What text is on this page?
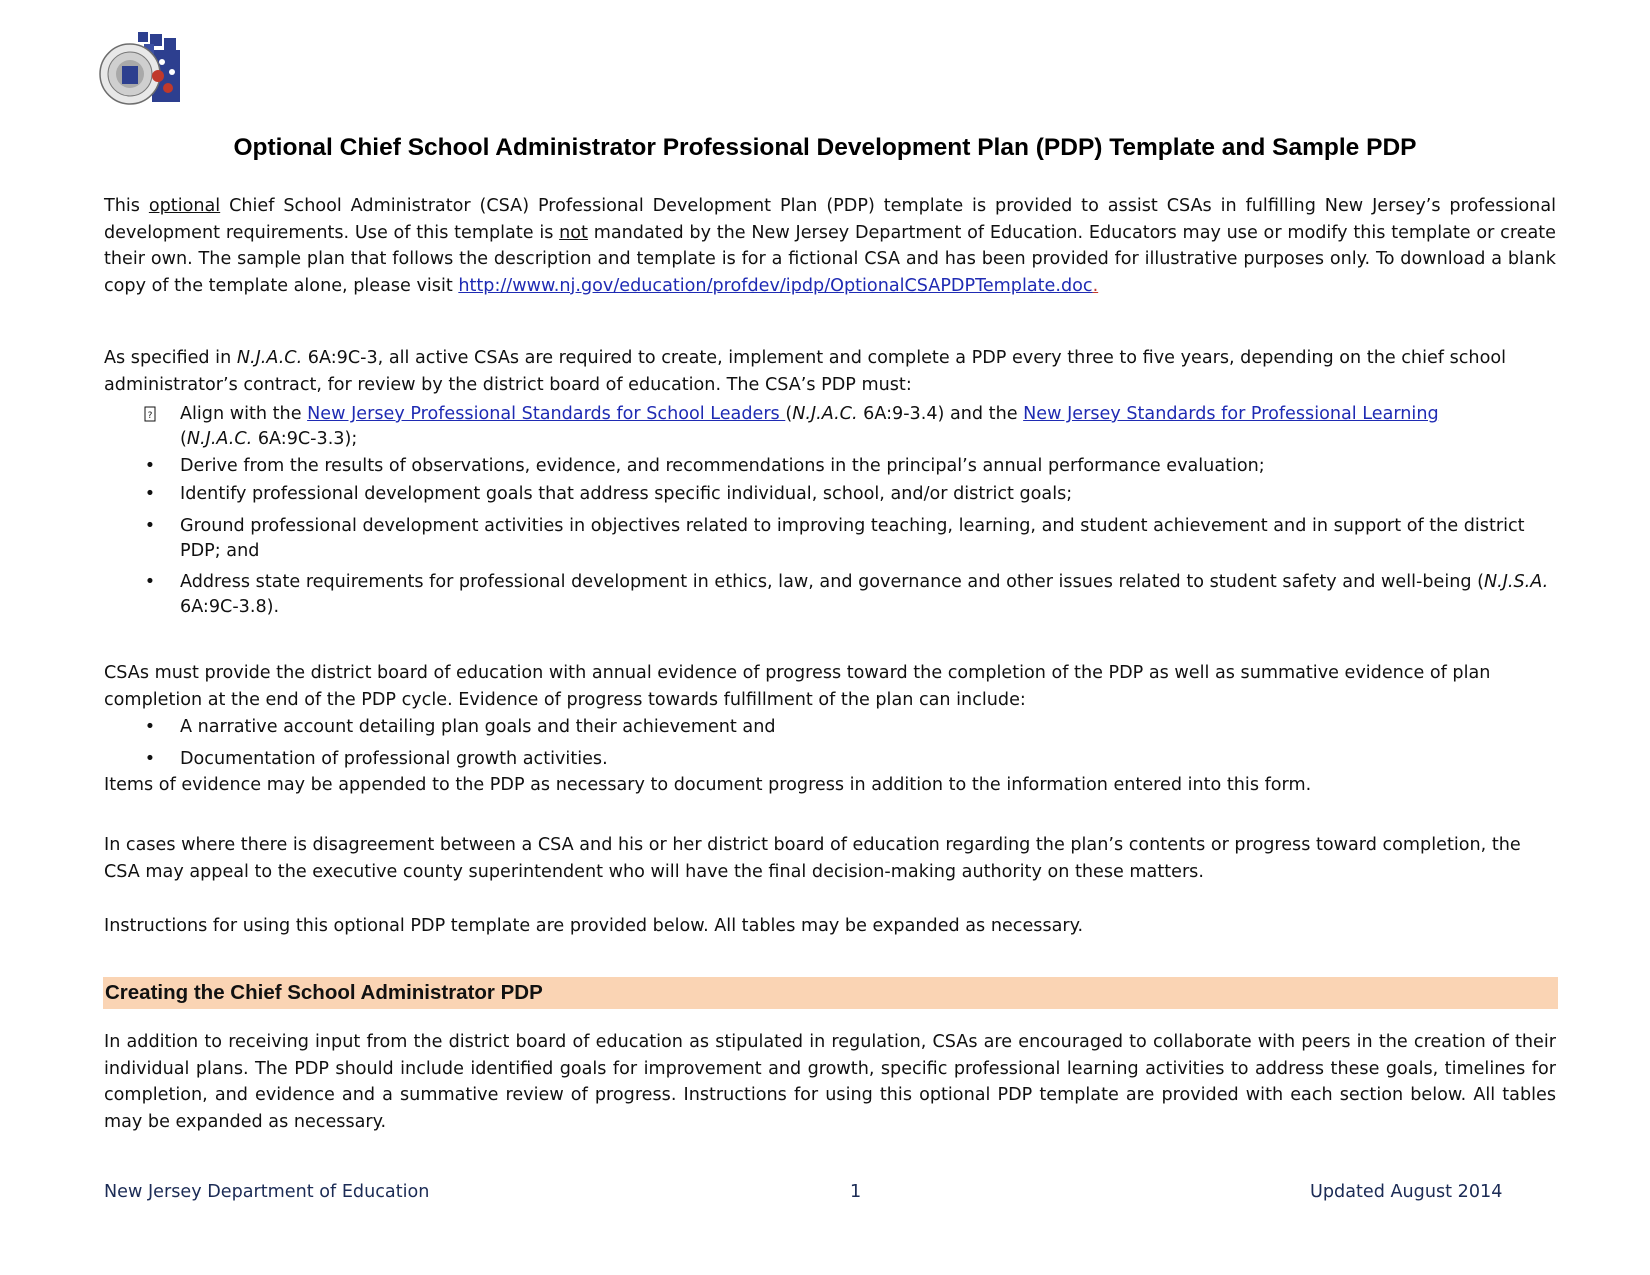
Optional Chief School Administrator Professional Development Plan (PDP) Template and Sample PDP
This optional Chief School Administrator (CSA) Professional Development Plan (PDP) template is provided to assist CSAs in fulfilling New Jersey’s professional development requirements. Use of this template is not mandated by the New Jersey Department of Education. Educators may use or modify this template or create their own. The sample plan that follows the description and template is for a fictional CSA and has been provided for illustrative purposes only. To download a blank copy of the template alone, please visit http://www.nj.gov/education/profdev/ipdp/OptionalCSAPDPTemplate.doc.
As specified in N.J.A.C. 6A:9C-3, all active CSAs are required to create, implement and complete a PDP every three to five years, depending on the chief school administrator’s contract, for review by the district board of education. The CSA’s PDP must:
? Align with the New Jersey Professional Standards for School Leaders (N.J.A.C. 6A:9-3.4) and the New Jersey Standards for Professional Learning
(N.J.A.C. 6A:9C-3.3);
• Derive from the results of observations, evidence, and recommendations in the principal’s annual performance evaluation;
• Identify professional development goals that address specific individual, school, and/or district goals;
• Ground professional development activities in objectives related to improving teaching, learning, and student achievement and in support of the district PDP; and
• Address state requirements for professional development in ethics, law, and governance and other issues related to student safety and well-being (N.J.S.A. 6A:9C-3.8).
CSAs must provide the district board of education with annual evidence of progress toward the completion of the PDP as well as summative evidence of plan completion at the end of the PDP cycle. Evidence of progress towards fulfillment of the plan can include:
• A narrative account detailing plan goals and their achievement and
• Documentation of professional growth activities.
Items of evidence may be appended to the PDP as necessary to document progress in addition to the information entered into this form.
In cases where there is disagreement between a CSA and his or her district board of education regarding the plan’s contents or progress toward completion, the CSA may appeal to the executive county superintendent who will have the final decision-making authority on these matters.
Instructions for using this optional PDP template are provided below. All tables may be expanded as necessary.
Creating the Chief School Administrator PDP
In addition to receiving input from the district board of education as stipulated in regulation, CSAs are encouraged to collaborate with peers in the creation of their individual plans. The PDP should include identified goals for improvement and growth, specific professional learning activities to address these goals, timelines for completion, and evidence and a summative review of progress. Instructions for using this optional PDP template are provided with each section below. All tables may be expanded as necessary.
New Jersey Department of Education	1	Updated August 2014
